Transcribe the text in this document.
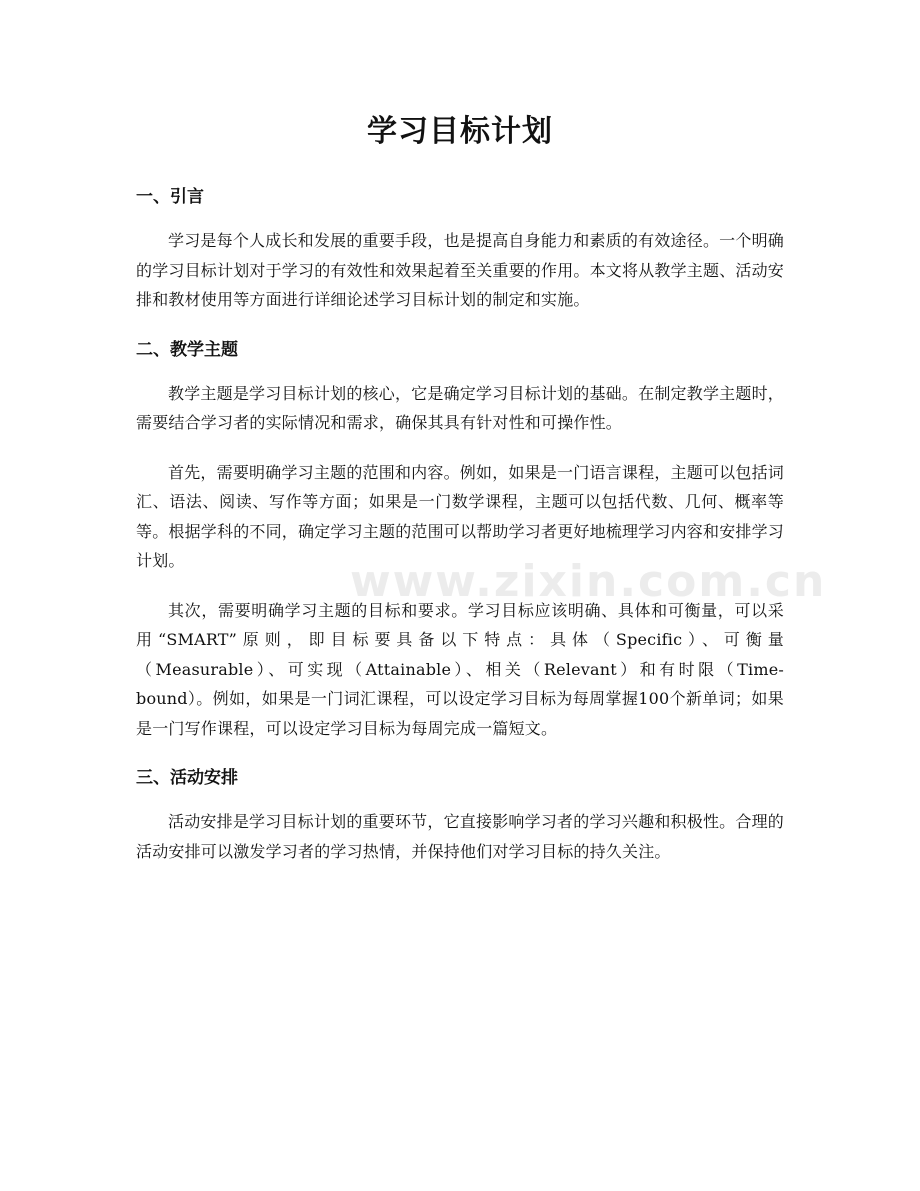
学习目标计划
一、引言

学习是每个人成长和发展的重要手段，也是提高自身能力和素质的有效途径。一个明确的学习目标计划对于学习的有效性和效果起着至关重要的作用。本文将从教学主题、活动安排和教材使用等方面进行详细论述学习目标计划的制定和实施。

二、教学主题

教学主题是学习目标计划的核心，它是确定学习目标计划的基础。在制定教学主题时，需要结合学习者的实际情况和需求，确保其具有针对性和可操作性。

首先，需要明确学习主题的范围和内容。例如，如果是一门语言课程，主题可以包括词汇、语法、阅读、写作等方面；如果是一门数学课程，主题可以包括代数、几何、概率等等。根据学科的不同，确定学习主题的范围可以帮助学习者更好地梳理学习内容和安排学习计划。

其次，需要明确学习主题的目标和要求。学习目标应该明确、具体和可衡量，可以采用“SMART”原则，即目标要具备以下特点：具体（Specific）、可衡量（Measurable）、可实现（Attainable）、相关（Relevant）和有时限（Time-bound）。例如，如果是一门词汇课程，可以设定学习目标为每周掌握100个新单词；如果是一门写作课程，可以设定学习目标为每周完成一篇短文。

三、活动安排

活动安排是学习目标计划的重要环节，它直接影响学习者的学习兴趣和积极性。合理的活动安排可以激发学习者的学习热情，并保持他们对学习目标的持久关注。

www.zixin.com.cn
